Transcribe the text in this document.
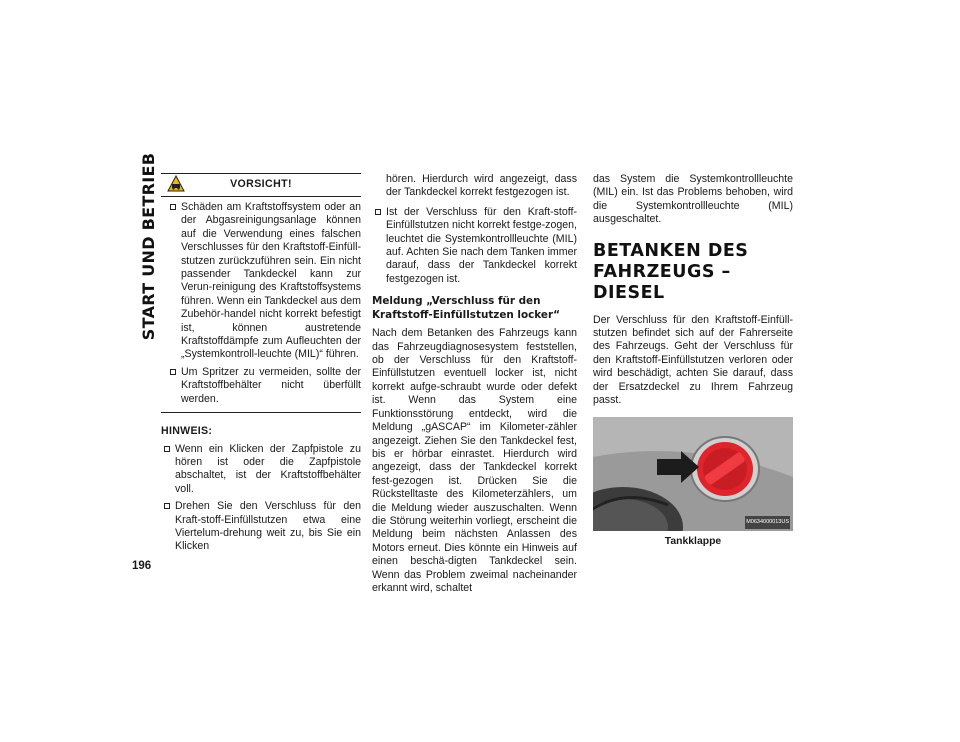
START UND BETRIEB
196
VORSICHT!
Schäden am Kraftstoffsystem oder an der Abgasreinigungsanlage können auf die Verwendung eines falschen Verschlusses für den Kraftstoff-Einfüll-stutzen zurückzuführen sein. Ein nicht passender Tankdeckel kann zur Verun-reinigung des Kraftstoffsystems führen. Wenn ein Tankdeckel aus dem Zubehör-handel nicht korrekt befestigt ist, können austretende Kraftstoffdämpfe zum Aufleuchten der „Systemkontroll-leuchte (MIL)“ führen.
Um Spritzer zu vermeiden, sollte der Kraftstoffbehälter nicht überfüllt werden.
HINWEIS:
Wenn ein Klicken der Zapfpistole zu hören ist oder die Zapfpistole abschaltet, ist der Kraftstoffbehälter voll.
Drehen Sie den Verschluss für den Kraft-stoff-Einfüllstutzen etwa eine Viertelum-drehung weit zu, bis Sie ein Klicken

hören. Hierdurch wird angezeigt, dass der Tankdeckel korrekt festgezogen ist.

Ist der Verschluss für den Kraft-stoff-Einfüllstutzen nicht korrekt festge-zogen, leuchtet die Systemkontrollleuchte (MIL) auf. Achten Sie nach dem Tanken immer darauf, dass der Tankdeckel korrekt festgezogen ist.
Meldung „Verschluss für den Kraftstoff-Einfüllstutzen locker“

Nach dem Betanken des Fahrzeugs kann das Fahrzeugdiagnosesystem feststellen, ob der Verschluss für den Kraftstoff-Einfüllstutzen eventuell locker ist, nicht korrekt aufge-schraubt wurde oder defekt ist. Wenn das System eine Funktionsstörung entdeckt, wird die Meldung „gASCAP“ im Kilometer-zähler angezeigt. Ziehen Sie den Tankdeckel fest, bis er hörbar einrastet. Hierdurch wird angezeigt, dass der Tankdeckel korrekt fest-gezogen ist. Drücken Sie die Rückstelltaste des Kilometerzählers, um die Meldung wieder auszuschalten. Wenn die Störung weiterhin vorliegt, erscheint die Meldung beim nächsten Anlassen des Motors erneut. Dies könnte ein Hinweis auf einen beschä-digten Tankdeckel sein. Wenn das Problem zweimal nacheinander erkannt wird, schaltet

das System die Systemkontrollleuchte (MIL) ein. Ist das Problems behoben, wird die Systemkontrollleuchte (MIL) ausgeschaltet.

BETANKEN DES
FAHRZEUGS – DIESEL

Der Verschluss für den Kraftstoff-Einfüll-stutzen befindet sich auf der Fahrerseite des Fahrzeugs. Geht der Verschluss für den Kraftstoff-Einfüllstutzen verloren oder wird beschädigt, achten Sie darauf, dass der Ersatzdeckel zu Ihrem Fahrzeug passt.

M0634000013US
Tankklappe
